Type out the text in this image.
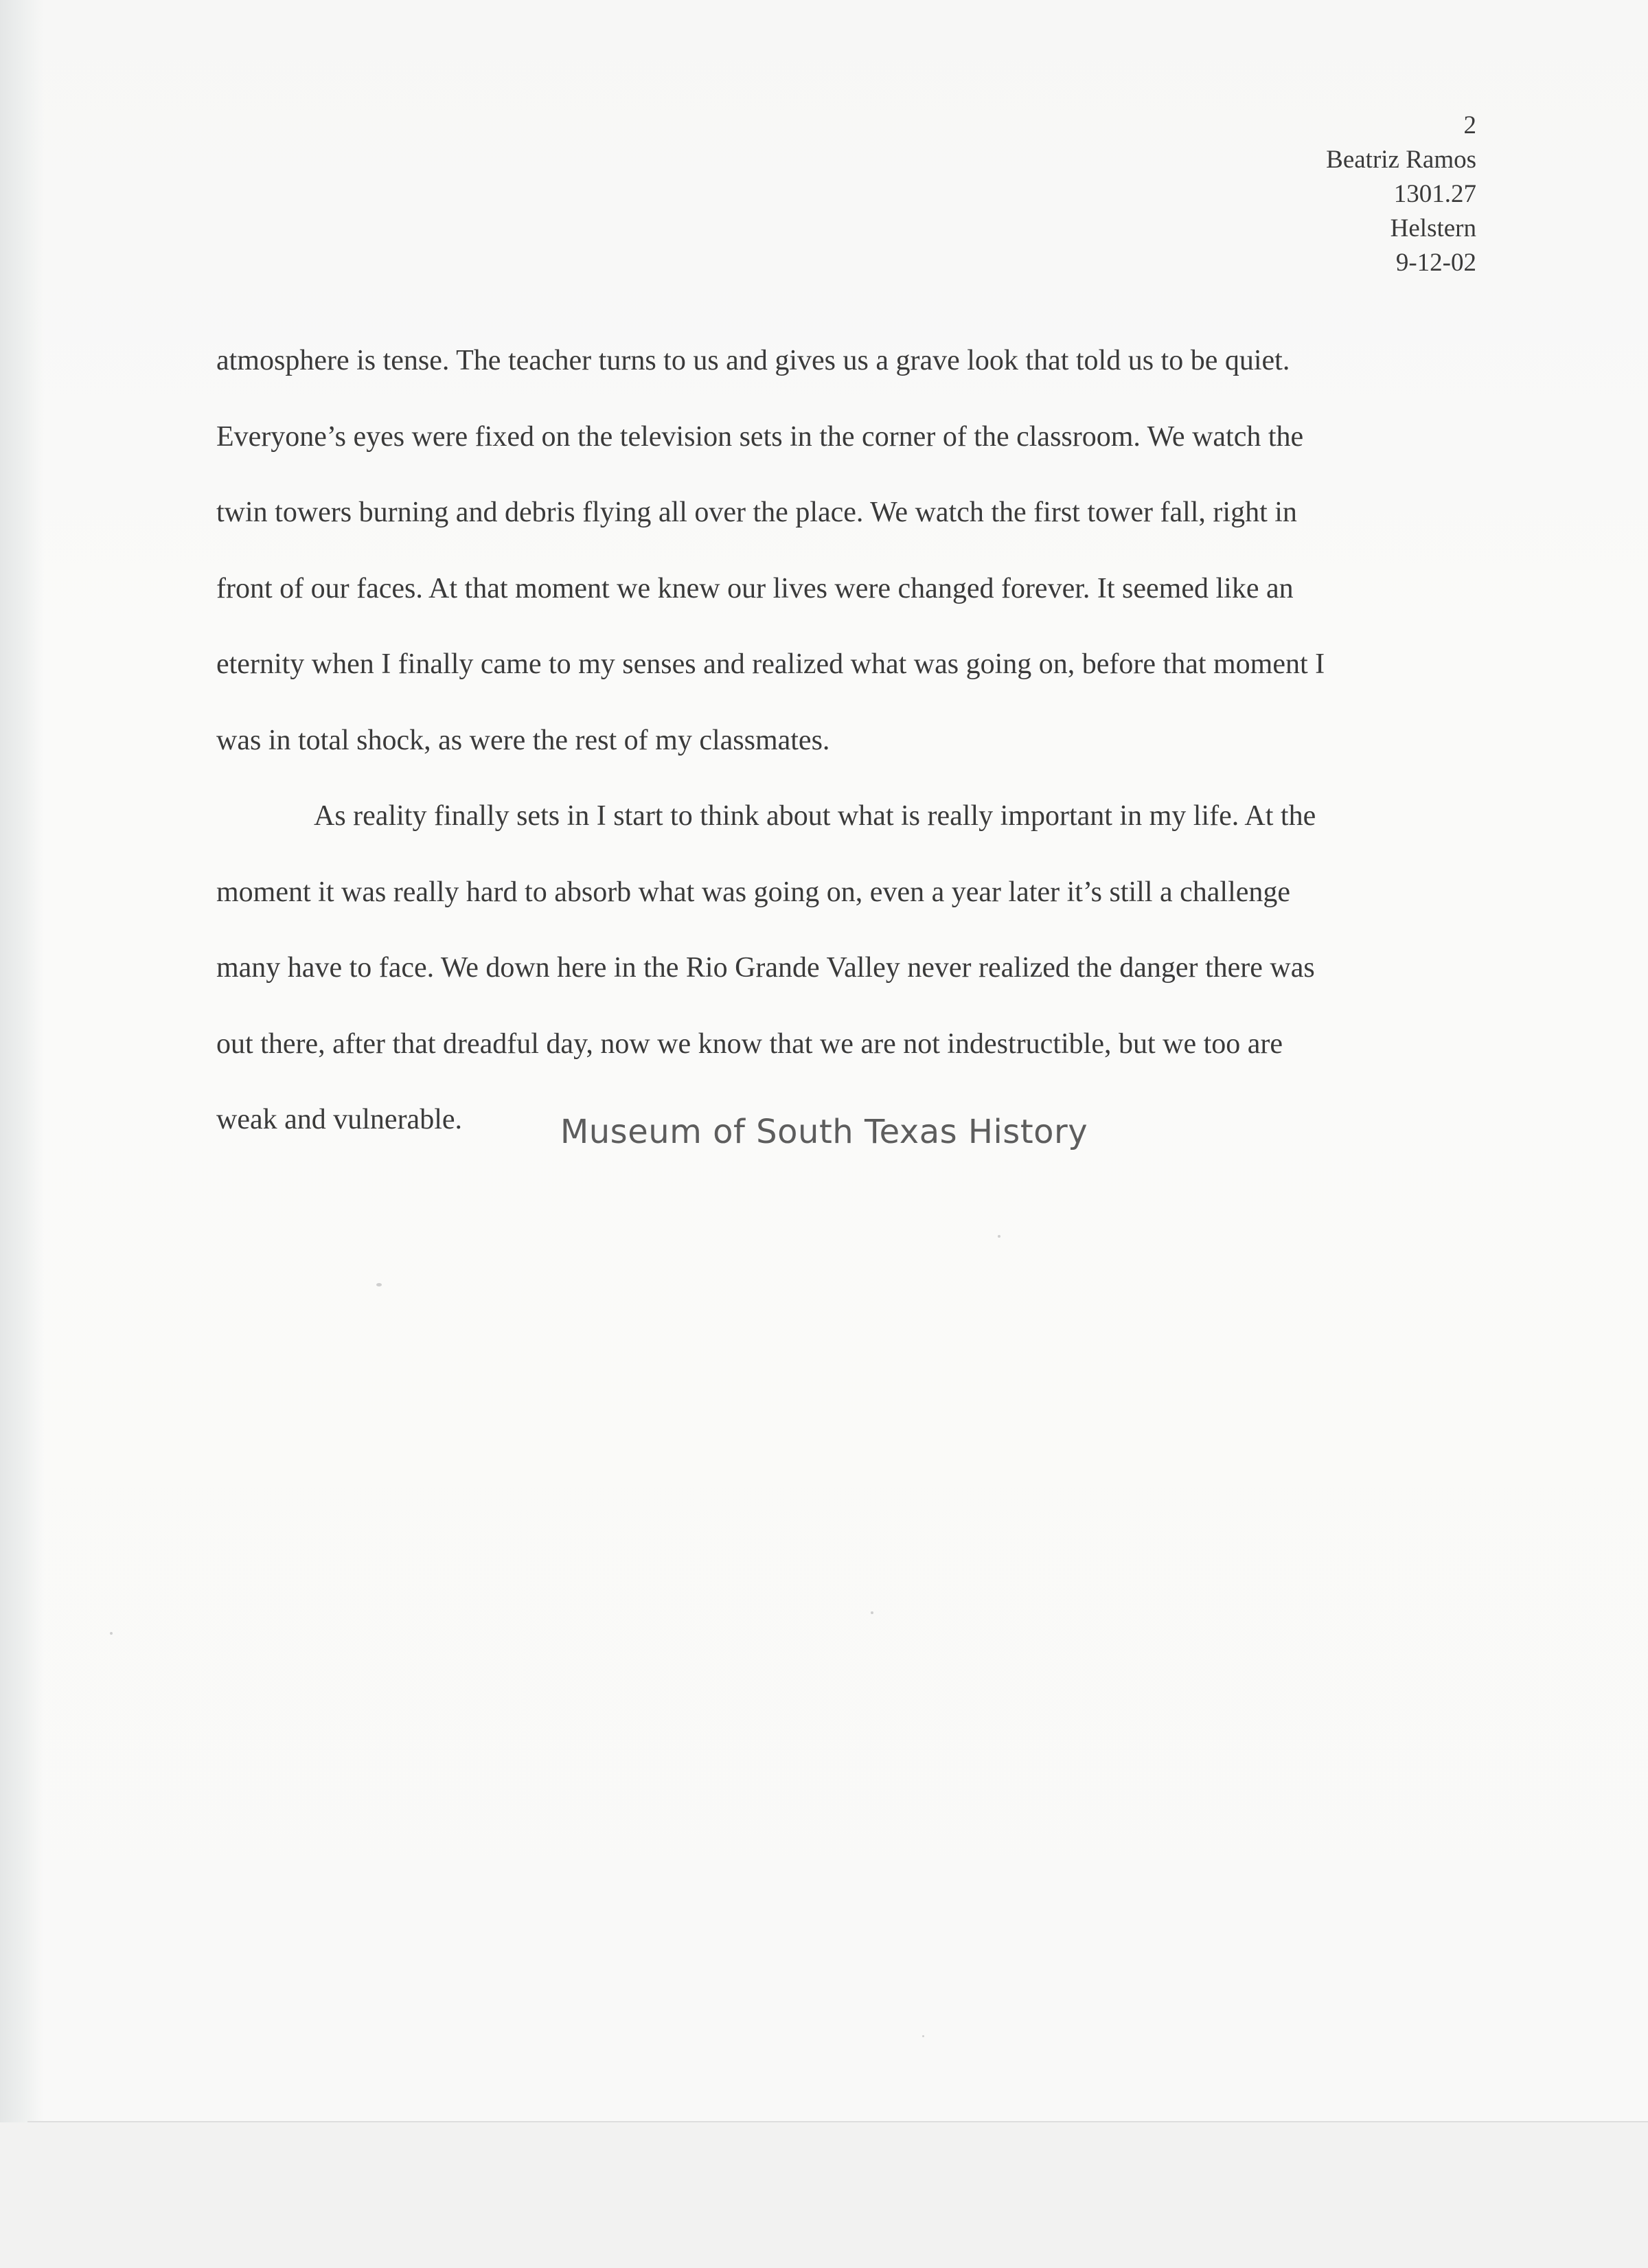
2
Beatriz Ramos
1301.27
Helstern
9-12-02
atmosphere is tense. The teacher turns to us and gives us a grave look that told us to be quiet.
Everyone’s eyes were fixed on the television sets in the corner of the classroom. We watch the
twin towers burning and debris flying all over the place. We watch the first tower fall, right in
front of our faces. At that moment we knew our lives were changed forever. It seemed like an
eternity when I finally came to my senses and realized what was going on, before that moment I
was in total shock, as were the rest of my classmates.
As reality finally sets in I start to think about what is really important in my life. At the
moment it was really hard to absorb what was going on, even a year later it’s still a challenge
many have to face. We down here in the Rio Grande Valley never realized the danger there was
out there, after that dreadful day, now we know that we are not indestructible, but we too are
weak and vulnerable.	Museum of South Texas History
